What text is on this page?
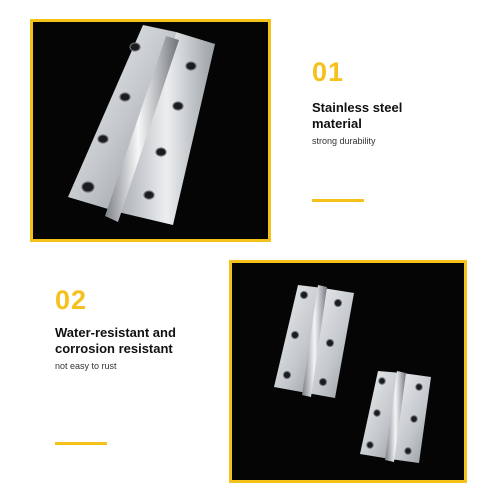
01
Stainless steel
material
strong durability
02
Water-resistant and
corrosion resistant
not easy to rust
